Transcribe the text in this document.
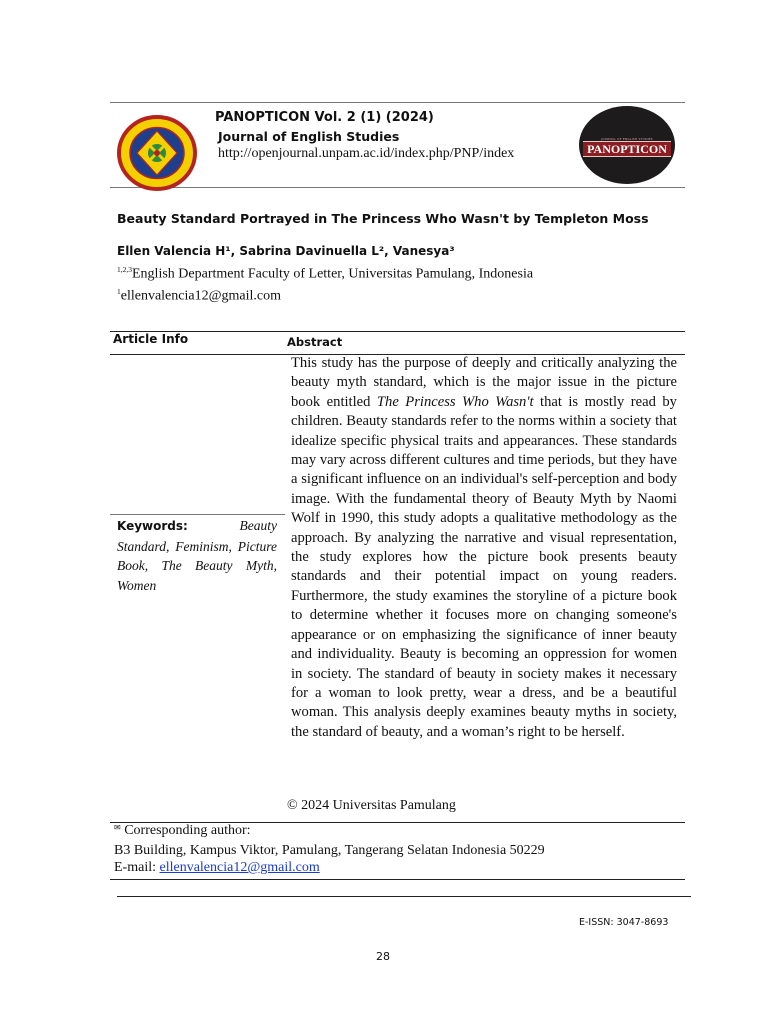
PANOPTICON Vol. 2 (1) (2024)
Journal of English Studies
http://openjournal.unpam.ac.id/index.php/PNP/index
JOURNAL OF ENGLISH STUDIES
PANOPTICON
Beauty Standard Portrayed in The Princess Who Wasn't by Templeton Moss
Ellen Valencia H¹, Sabrina Davinuella L², Vanesya³
$^{1,2,3}$English Department Faculty of Letter, Universitas Pamulang, Indonesia
$^1$ellenvalencia12@gmail.com
Article Info	Abstract
Keywords:	Beauty Standard, Feminism, Picture Book, The Beauty Myth, Women
This study has the purpose of deeply and critically analyzing the beauty myth standard, which is the major issue in the picture book entitled The Princess Who Wasn't that is mostly read by children. Beauty standards refer to the norms within a society that idealize specific physical traits and appearances. These standards may vary across different cultures and time periods, but they have a significant influence on an individual's self-perception and body image. With the fundamental theory of Beauty Myth by Naomi Wolf in 1990, this study adopts a qualitative methodology as the approach. By analyzing the narrative and visual representation, the study explores how the picture book presents beauty standards and their potential impact on young readers. Furthermore, the study examines the storyline of a picture book to determine whether it focuses more on changing someone's appearance or on emphasizing the significance of inner beauty and individuality. Beauty is becoming an oppression for women in society. The standard of beauty in society makes it necessary for a woman to look pretty, wear a dress, and be a beautiful woman. This analysis deeply examines beauty myths in society, the standard of beauty, and a woman’s right to be herself.
© 2024 Universitas Pamulang
✉ Corresponding author:
B3 Building, Kampus Viktor, Pamulang, Tangerang Selatan Indonesia 50229
E-mail: ellenvalencia12@gmail.com
E-ISSN: 3047-8693
28
